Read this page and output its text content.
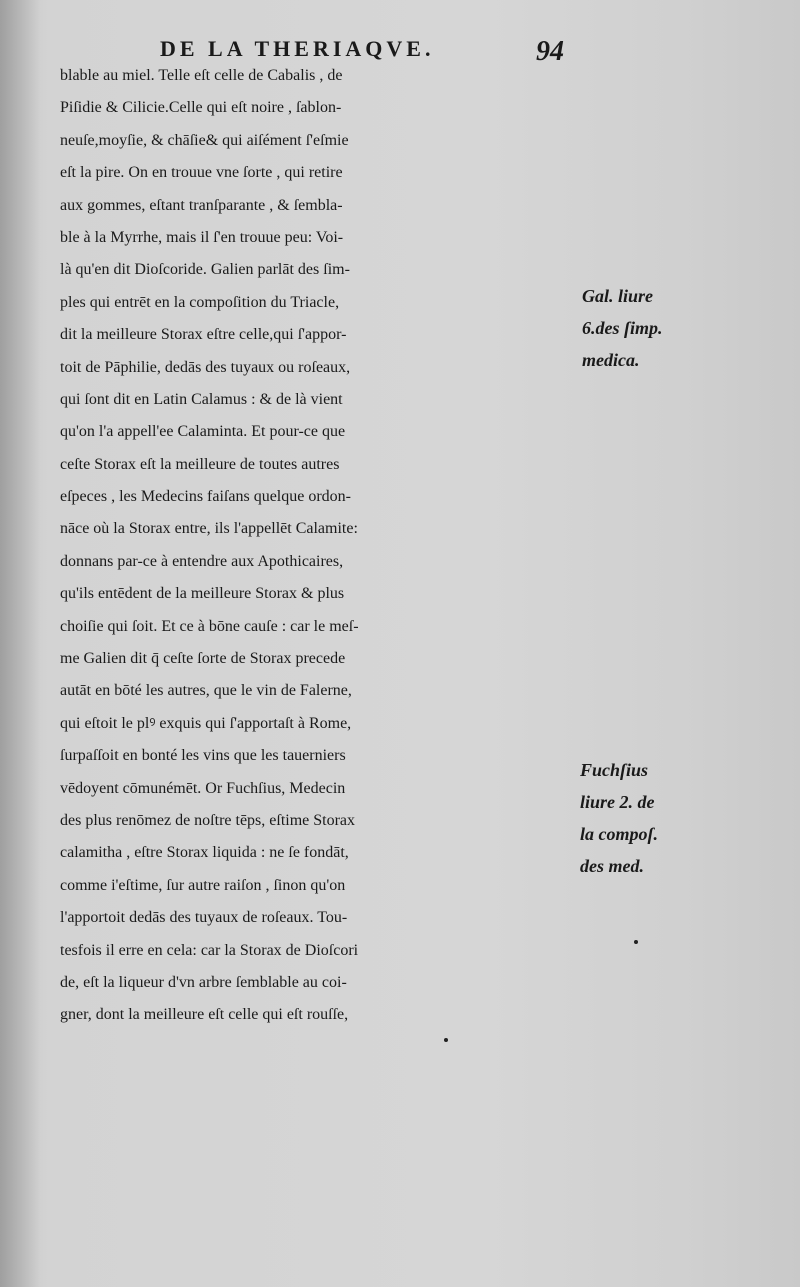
DE LA THERIAQVE.	94
blable au miel. Telle eſt celle de Cabalis , de
Piſidie & Cilicie.Celle qui eſt noire , ſablon-
neuſe,moyſie, & chāſie& qui aiſément ſ'eſmie
eſt la pire. On en trouue vne ſorte , qui retire
aux gommes, eſtant tranſparante , & ſembla-
ble à la Myrrhe, mais il ſ'en trouue peu: Voi-
là qu'en dit Dioſcoride. Galien parlāt des ſim-
ples qui entrēt en la compoſition du Triacle,
dit la meilleure Storax eſtre celle,qui ſ'appor-
toit de Pāphilie, dedās des tuyaux ou roſeaux,
qui ſont dit en Latin Calamus : & de là vient
qu'on l'a appell'ee Calaminta. Et pour-ce que
ceſte Storax eſt la meilleure de toutes autres
eſpeces , les Medecins faiſans quelque ordon-
nāce où la Storax entre, ils l'appellēt Calamite:
donnans par-ce à entendre aux Apothicaires,
qu'ils entēdent de la meilleure Storax & plus
choiſie qui ſoit. Et ce à bōne cauſe : car le meſ-
me Galien dit q̄ ceſte ſorte de Storax precede
autāt en bōté les autres, que le vin de Falerne,
qui eſtoit le plꝰ exquis qui ſ'apportaſt à Rome,
ſurpaſſoit en bonté les vins que les tauerniers
vēdoyent cōmunémēt. Or Fuchſius, Medecin
des plus renōmez de noſtre tēps, eſtime Storax
calamitha , eſtre Storax liquida : ne ſe fondāt,
comme i'eſtime, ſur autre raiſon , ſinon qu'on
l'apportoit dedās des tuyaux de roſeaux. Tou-
tesfois il erre en cela: car la Storax de Dioſcori
de, eſt la liqueur d'vn arbre ſemblable au coi-
gner, dont la meilleure eſt celle qui eſt rouſſe,
Gal. liure
6.des ſimp.
medica.
Fuchſius
liure 2. de
la compoſ.
des med.
